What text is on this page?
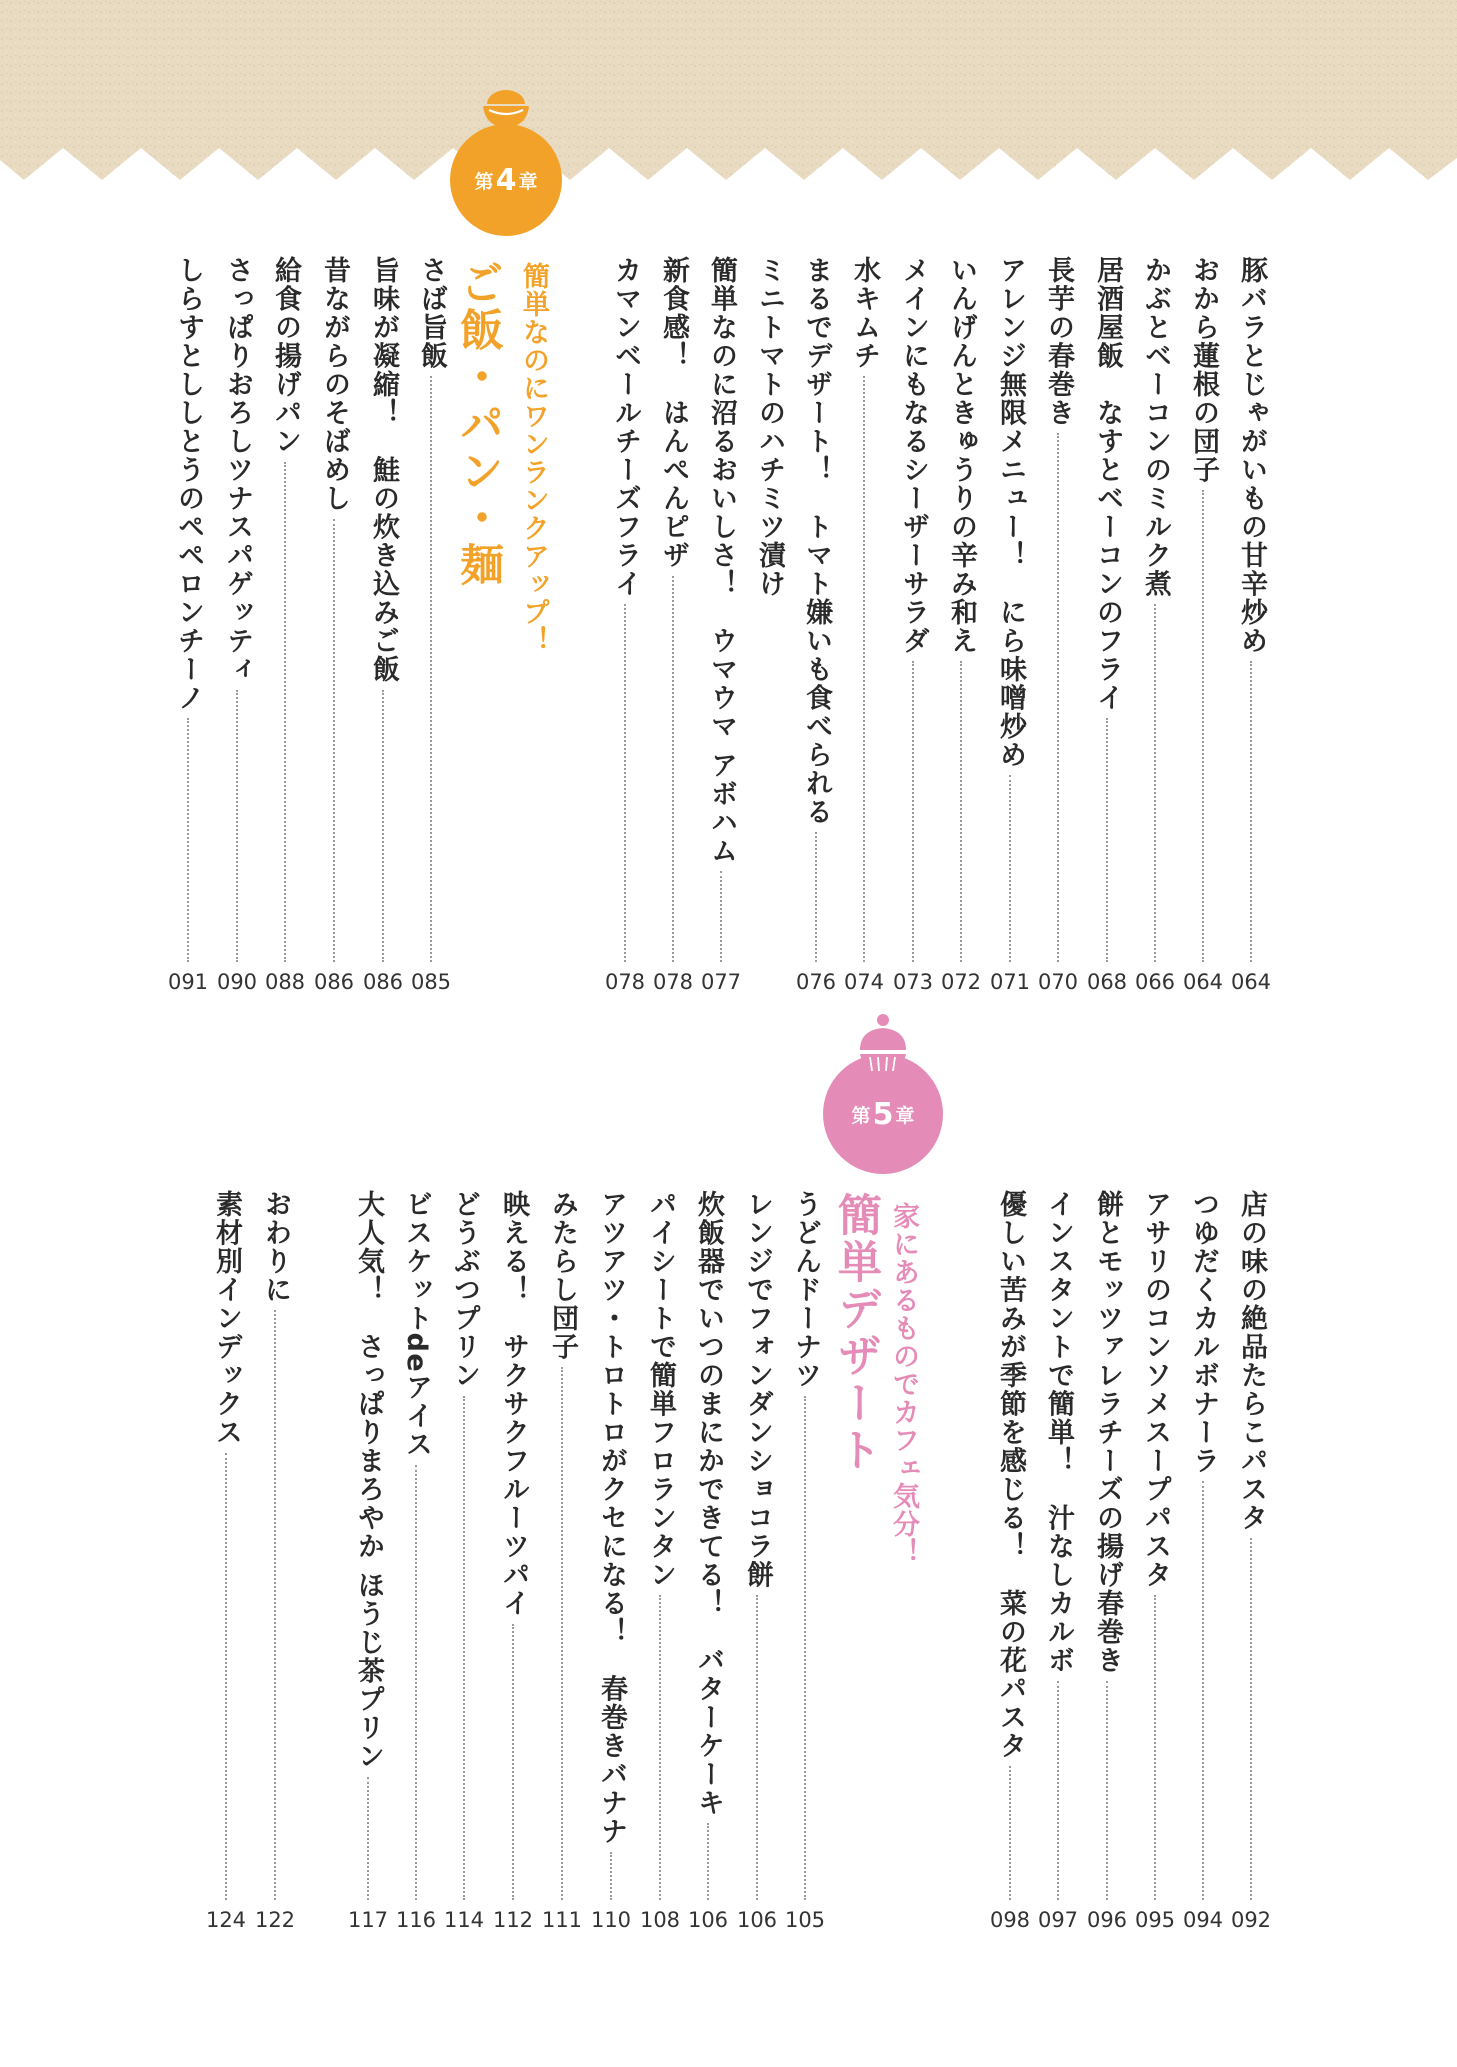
第 4 章
簡単なのにワンランクアップ！
ご飯・パン・麺
第 5 章
家にあるものでカフェ気分！
簡単デザート
豚バラとじゃがいもの甘辛炒め
064
おから蓮根の団子
064
かぶとベーコンのミルク煮
066
居酒屋飯　なすとベーコンのフライ
068
長芋の春巻き
070
アレンジ無限メニュー！　にら味噌炒め
071
いんげんときゅうりの辛み和え
072
メインにもなるシーザーサラダ
073
水キムチ
074
まるでデザート！　トマト嫌いも食べられる
076
ミニトマトのハチミツ漬け
簡単なのに沼るおいしさ！　ウマウマ アボハム
077
新食感！　はんぺんピザ
078
カマンベールチーズフライ
078
さば旨飯
085
旨味が凝縮！　鮭の炊き込みご飯
086
昔ながらのそばめし
086
給食の揚げパン
088
さっぱりおろしツナスパゲッティ
090
しらすとししとうのペペロンチーノ
091
店の味の絶品たらこパスタ
092
つゆだくカルボナーラ
094
アサリのコンソメスープパスタ
095
餅とモッツァレラチーズの揚げ春巻き
096
インスタントで簡単！　汁なしカルボ
097
優しい苦みが季節を感じる！　菜の花パスタ
098
うどんドーナツ
105
レンジでフォンダンショコラ餅
106
炊飯器でいつのまにかできてる！　バターケーキ
106
パイシートで簡単フロランタン
108
アツアツ・トロトロがクセになる！　春巻きバナナ
110
みたらし団子
111
映える！　サクサクフルーツパイ
112
どうぶつプリン
114
ビスケットdeアイス
116
大人気！　さっぱりまろやか ほうじ茶プリン
117
おわりに
122
素材別インデックス
124
